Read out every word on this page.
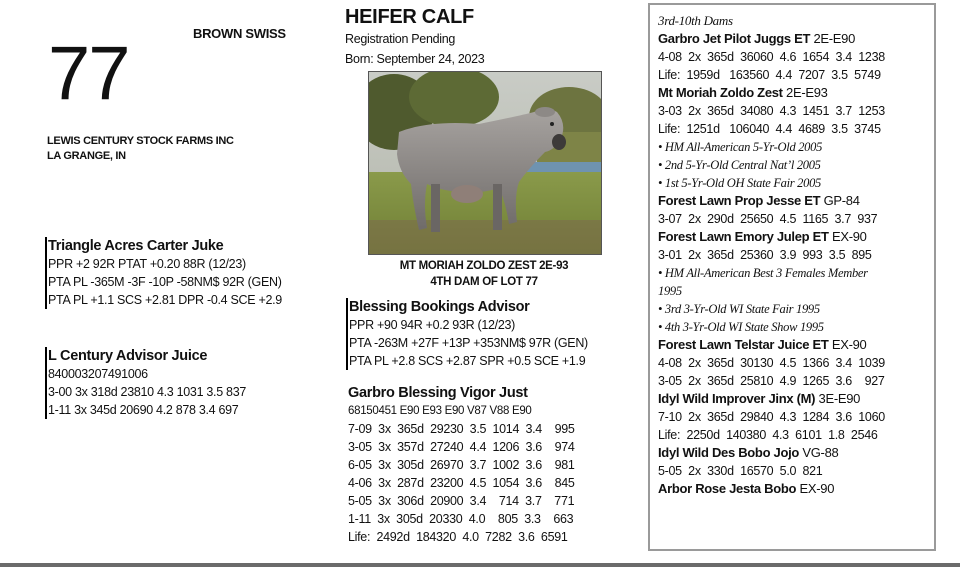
77	BROWN SWISS
LEWIS CENTURY STOCK FARMS INC
LA GRANGE, IN
Triangle Acres Carter Juke
PPR +2 92R PTAT +0.20 88R (12/23)
PTA PL -365M -3F -10P -58NM$ 92R (GEN)
PTA PL +1.1 SCS +2.81 DPR -0.4 SCE +2.9
L Century Advisor Juice
840003207491006
3-00 3x 318d 23810 4.3 1031 3.5 837
1-11 3x 345d 20690 4.2 878 3.4 697
HEIFER CALF
Registration Pending
Born: September 24, 2023
MT MORIAH ZOLDO ZEST 2E-93
4TH DAM OF LOT 77
Blessing Bookings Advisor
PPR +90 94R +0.2 93R (12/23)
PTA -263M +27F +13P +353NM$ 97R (GEN)
PTA PL +2.8 SCS +2.87 SPR +0.5 SCE +1.9
Garbro Blessing Vigor Just
68150451 E90 E93 E90 V87 V88 E90
7-09  3x  365d  29230  3.5  1014  3.4    995
3-05  3x  357d  27240  4.4  1206  3.6    974
6-05  3x  305d  26970  3.7  1002  3.6    981
4-06  3x  287d  23200  4.5  1054  3.6    845
5-05  3x  306d  20900  3.4    714  3.7    771
1-11  3x  305d  20330  4.0    805  3.3    663
Life:  2492d  184320  4.0  7282  3.6  6591
3rd-10th Dams
Garbro Jet Pilot Juggs ET 2E-E90
4-08  2x  365d  36060  4.6  1654  3.4  1238
Life:  1959d   163560  4.4  7207  3.5  5749
Mt Moriah Zoldo Zest 2E-E93
3-03  2x  365d  34080  4.3  1451  3.7  1253
Life:  1251d   106040  4.4  4689  3.5  3745
• HM All-American 5-Yr-Old 2005
• 2nd 5-Yr-Old Central Nat’l 2005
• 1st 5-Yr-Old OH State Fair 2005
Forest Lawn Prop Jesse ET GP-84
3-07  2x  290d  25650  4.5  1165  3.7  937
Forest Lawn Emory Julep ET EX-90
3-01  2x  365d  25360  3.9  993  3.5  895
• HM All-American Best 3 Females Member
1995
• 3rd 3-Yr-Old WI State Fair 1995
• 4th 3-Yr-Old WI State Show 1995
Forest Lawn Telstar Juice ET EX-90
4-08  2x  365d  30130  4.5  1366  3.4  1039
3-05  2x  365d  25810  4.9  1265  3.6    927
Idyl Wild Improver Jinx (M) 3E-E90
7-10  2x  365d  29840  4.3  1284  3.6  1060
Life:  2250d  140380  4.3  6101  1.8  2546
Idyl Wild Des Bobo Jojo VG-88
5-05  2x  330d  16570  5.0  821
Arbor Rose Jesta Bobo EX-90
